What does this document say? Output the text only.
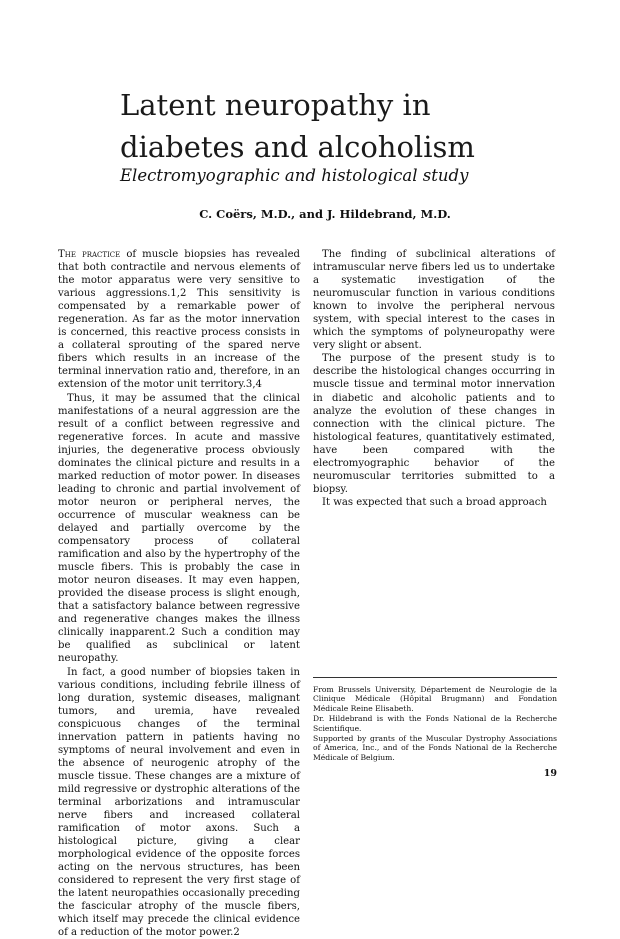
Latent neuropathy in diabetes and alcoholism
Electromyographic and histological study

C. Coërs, M.D., and J. Hildebrand, M.D.

The practice of muscle biopsies has revealed that both contractile and nervous elements of the motor apparatus were very sensitive to various aggressions.1,2 This sensitivity is compensated by a remarkable power of regeneration. As far as the motor innervation is concerned, this reactive process consists in a collateral sprouting of the spared nerve fibers which results in an increase of the terminal innervation ratio and, therefore, in an extension of the motor unit territory.3,4

Thus, it may be assumed that the clinical manifestations of a neural aggression are the result of a conflict between regressive and regenerative forces. In acute and massive injuries, the degenerative process obviously dominates the clinical picture and results in a marked reduction of motor power. In diseases leading to chronic and partial involvement of motor neuron or peripheral nerves, the occurrence of muscular weakness can be delayed and partially overcome by the compensatory process of collateral ramification and also by the hypertrophy of the muscle fibers. This is probably the case in motor neuron diseases. It may even happen, provided the disease process is slight enough, that a satisfactory balance between regressive and regenerative changes makes the illness clinically inapparent.2 Such a condition may be qualified as subclinical or latent neuropathy.

In fact, a good number of biopsies taken in various conditions, including febrile illness of long duration, systemic diseases, malignant tumors, and uremia, have revealed conspicuous changes of the terminal innervation pattern in patients having no symptoms of neural involvement and even in the absence of neurogenic atrophy of the muscle tissue. These changes are a mixture of mild regressive or dystrophic alterations of the terminal arborizations and intramuscular nerve fibers and increased collateral ramification of motor axons. Such a histological picture, giving a clear morphological evidence of the opposite forces acting on the nervous structures, has been considered to represent the very first stage of the latent neuropathies occasionally preceding the fascicular atrophy of the muscle fibers, which itself may precede the clinical evidence of a reduction of the motor power.2

The finding of subclinical alterations of intramuscular nerve fibers led us to undertake a systematic investigation of the neuromuscular function in various conditions known to involve the peripheral nervous system, with special interest to the cases in which the symptoms of polyneuropathy were very slight or absent.

The purpose of the present study is to describe the histological changes occurring in muscle tissue and terminal motor innervation in diabetic and alcoholic patients and to analyze the evolution of these changes in connection with the clinical picture. The histological features, quantitatively estimated, have been compared with the electromyographic behavior of the neuromuscular territories submitted to a biopsy.

It was expected that such a broad approach

From Brussels University, Département de Neurologie de la Clinique Médicale (Hôpital Brugmann) and Fondation Médicale Reine Elisabeth.

Dr. Hildebrand is with the Fonds National de la Recherche Scientifique.

Supported by grants of the Muscular Dystrophy Associations of America, Inc., and of the Fonds National de la Recherche Médicale of Belgium.

19
